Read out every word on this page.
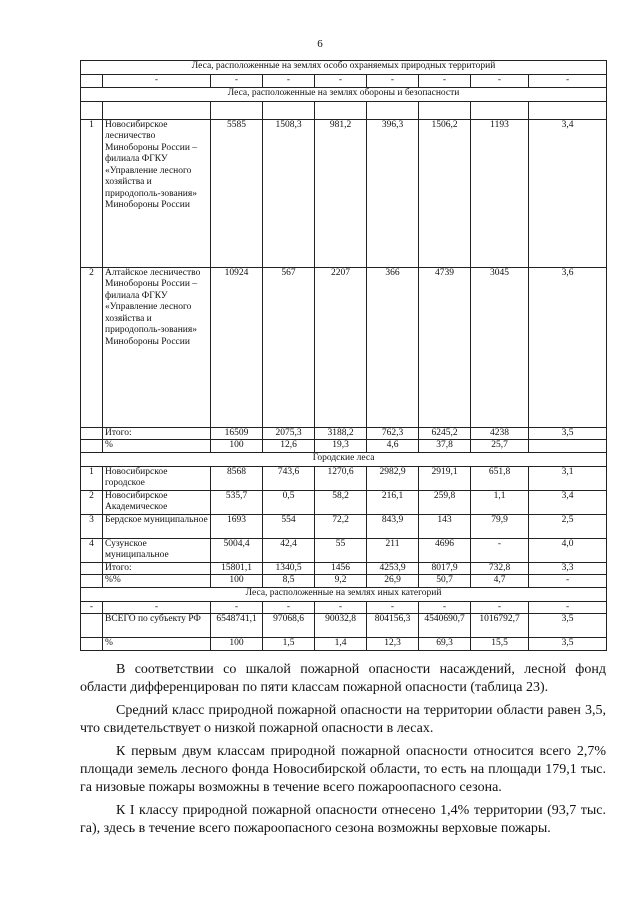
6
Леса, расположенные на землях особо охраняемых природных территорий								
	-	-	-	-	-	-	-	-
Леса, расположенные на землях обороны и безопасности								

1	Новосибирское лесничество Минобороны России – филиала ФГКУ «Управление лесного хозяйства и природополь-зования» Минобороны России	5585	1508,3	981,2	396,3	1506,2	1193	3,4
2	Алтайское лесничество Минобороны России – филиала ФГКУ «Управление лесного хозяйства и природополь-зования» Минобороны России	10924	567	2207	366	4739	3045	3,6
	Итого:	16509	2075,3	3188,2	762,3	6245,2	4238	3,5
	%	100	12,6	19,3	4,6	37,8	25,7	
Городские леса								
1	Новосибирское городское	8568	743,6	1270,6	2982,9	2919,1	651,8	3,1
2	Новосибирское Академическое	535,7	0,5	58,2	216,1	259,8	1,1	3,4
3	Бердское муниципальное	1693	554	72,2	843,9	143	79,9	2,5
4	Сузунское муниципальное	5004,4	42,4	55	211	4696	-	4,0
	Итого:	15801,1	1340,5	1456	4253,9	8017,9	732,8	3,3
	%%	100	8,5	9,2	26,9	50,7	4,7	-
Леса, расположенные на землях иных категорий								
-	-	-	-	-	-	-	-	-
	ВСЕГО по субъекту РФ	6548741,1	97068,6	90032,8	804156,3	4540690,7	1016792,7	3,5
	%	100	1,5	1,4	12,3	69,3	15,5	3,5

В соответствии со шкалой пожарной опасности насаждений, лесной фонд области дифференцирован по пяти классам пожарной опасности (таблица 23).

Средний класс природной пожарной опасности на территории области равен 3,5, что свидетельствует о низкой пожарной опасности в лесах.

К первым двум классам природной пожарной опасности относится всего 2,7% площади земель лесного фонда Новосибирской области, то есть на площади 179,1 тыс. га низовые пожары возможны в течение всего пожароопасного сезона.

К I классу природной пожарной опасности отнесено 1,4% территории (93,7 тыс. га), здесь в течение всего пожароопасного сезона возможны верховые пожары.
